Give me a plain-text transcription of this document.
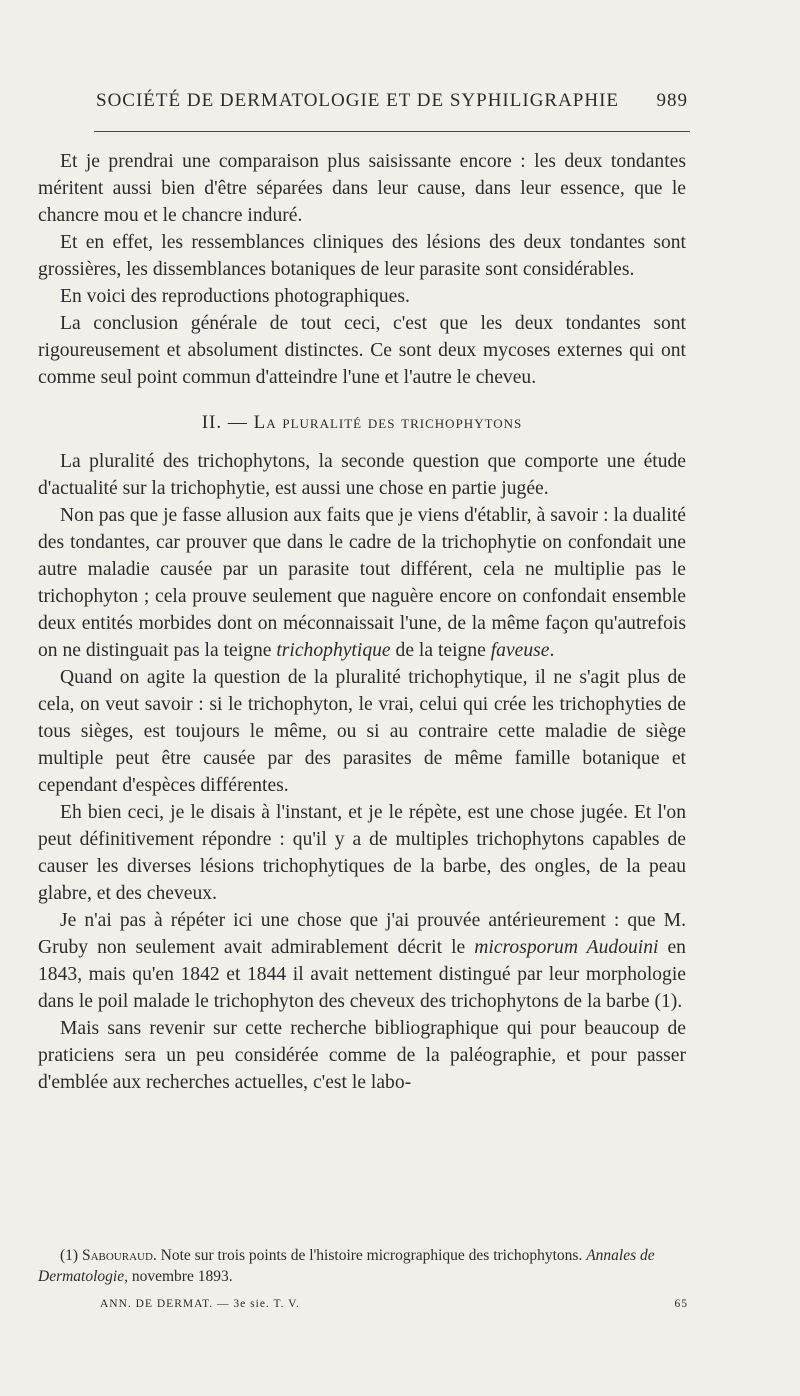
SOCIÉTÉ DE DERMATOLOGIE ET DE SYPHILIGRAPHIE 989

Et je prendrai une comparaison plus saisissante encore : les deux tondantes méritent aussi bien d'être séparées dans leur cause, dans leur essence, que le chancre mou et le chancre induré.

Et en effet, les ressemblances cliniques des lésions des deux tondantes sont grossières, les dissemblances botaniques de leur parasite sont considérables.

En voici des reproductions photographiques.

La conclusion générale de tout ceci, c'est que les deux tondantes sont rigoureusement et absolument distinctes. Ce sont deux mycoses externes qui ont comme seul point commun d'atteindre l'une et l'autre le cheveu.

II. — La pluralité des trichophytons

La pluralité des trichophytons, la seconde question que comporte une étude d'actualité sur la trichophytie, est aussi une chose en partie jugée.

Non pas que je fasse allusion aux faits que je viens d'établir, à savoir : la dualité des tondantes, car prouver que dans le cadre de la trichophytie on confondait une autre maladie causée par un parasite tout différent, cela ne multiplie pas le trichophyton ; cela prouve seulement que naguère encore on confondait ensemble deux entités morbides dont on méconnaissait l'une, de la même façon qu'autrefois on ne distinguait pas la teigne trichophytique de la teigne faveuse.

Quand on agite la question de la pluralité trichophytique, il ne s'agit plus de cela, on veut savoir : si le trichophyton, le vrai, celui qui crée les trichophyties de tous sièges, est toujours le même, ou si au contraire cette maladie de siège multiple peut être causée par des parasites de même famille botanique et cependant d'espèces différentes.

Eh bien ceci, je le disais à l'instant, et je le répète, est une chose jugée. Et l'on peut définitivement répondre : qu'il y a de multiples trichophytons capables de causer les diverses lésions trichophytiques de la barbe, des ongles, de la peau glabre, et des cheveux.

Je n'ai pas à répéter ici une chose que j'ai prouvée antérieurement : que M. Gruby non seulement avait admirablement décrit le microsporum Audouini en 1843, mais qu'en 1842 et 1844 il avait nettement distingué par leur morphologie dans le poil malade le trichophyton des cheveux des trichophytons de la barbe (1).

Mais sans revenir sur cette recherche bibliographique qui pour beaucoup de praticiens sera un peu considérée comme de la paléographie, et pour passer d'emblée aux recherches actuelles, c'est le labo-

(1) Sabouraud. Note sur trois points de l'histoire micrographique des trichophytons. Annales de Dermatologie, novembre 1893.

ANN. DE DERMAT. — 3e sie. T. V.	65
